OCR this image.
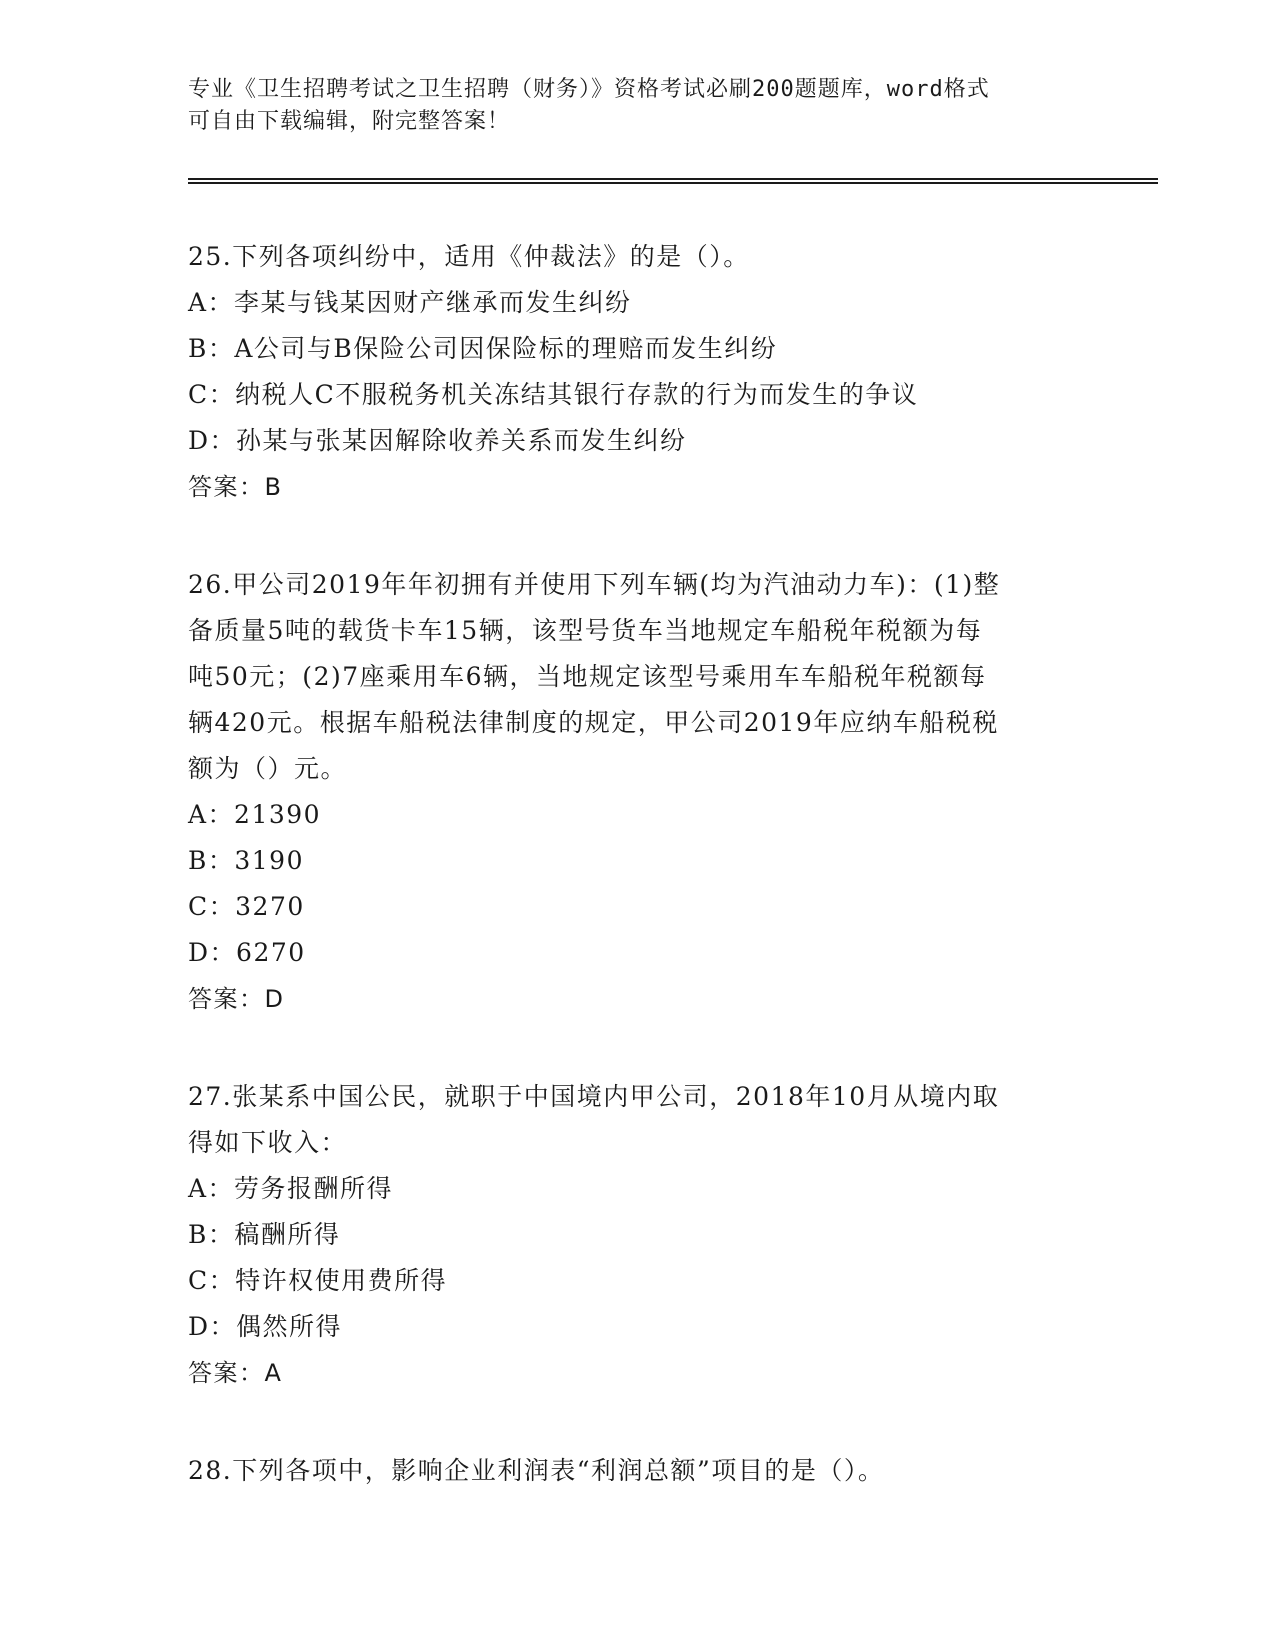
专业《卫生招聘考试之卫生招聘（财务）》资格考试必刷200题题库，word格式
可自由下载编辑，附完整答案！
25.下列各项纠纷中，适用《仲裁法》的是（）。
A：李某与钱某因财产继承而发生纠纷
B：A公司与B保险公司因保险标的理赔而发生纠纷
C：纳税人C不服税务机关冻结其银行存款的行为而发生的争议
D：孙某与张某因解除收养关系而发生纠纷
答案：B
26.甲公司2019年年初拥有并使用下列车辆(均为汽油动力车)：(1)整
备质量5吨的载货卡车15辆，该型号货车当地规定车船税年税额为每
吨50元；(2)7座乘用车6辆，当地规定该型号乘用车车船税年税额每
辆420元。根据车船税法律制度的规定，甲公司2019年应纳车船税税
额为（）元。
A：21390
B：3190
C：3270
D：6270
答案：D
27.张某系中国公民，就职于中国境内甲公司，2018年10月从境内取
得如下收入：
A：劳务报酬所得
B：稿酬所得
C：特许权使用费所得
D：偶然所得
答案：A
28.下列各项中，影响企业利润表“利润总额”项目的是（）。
